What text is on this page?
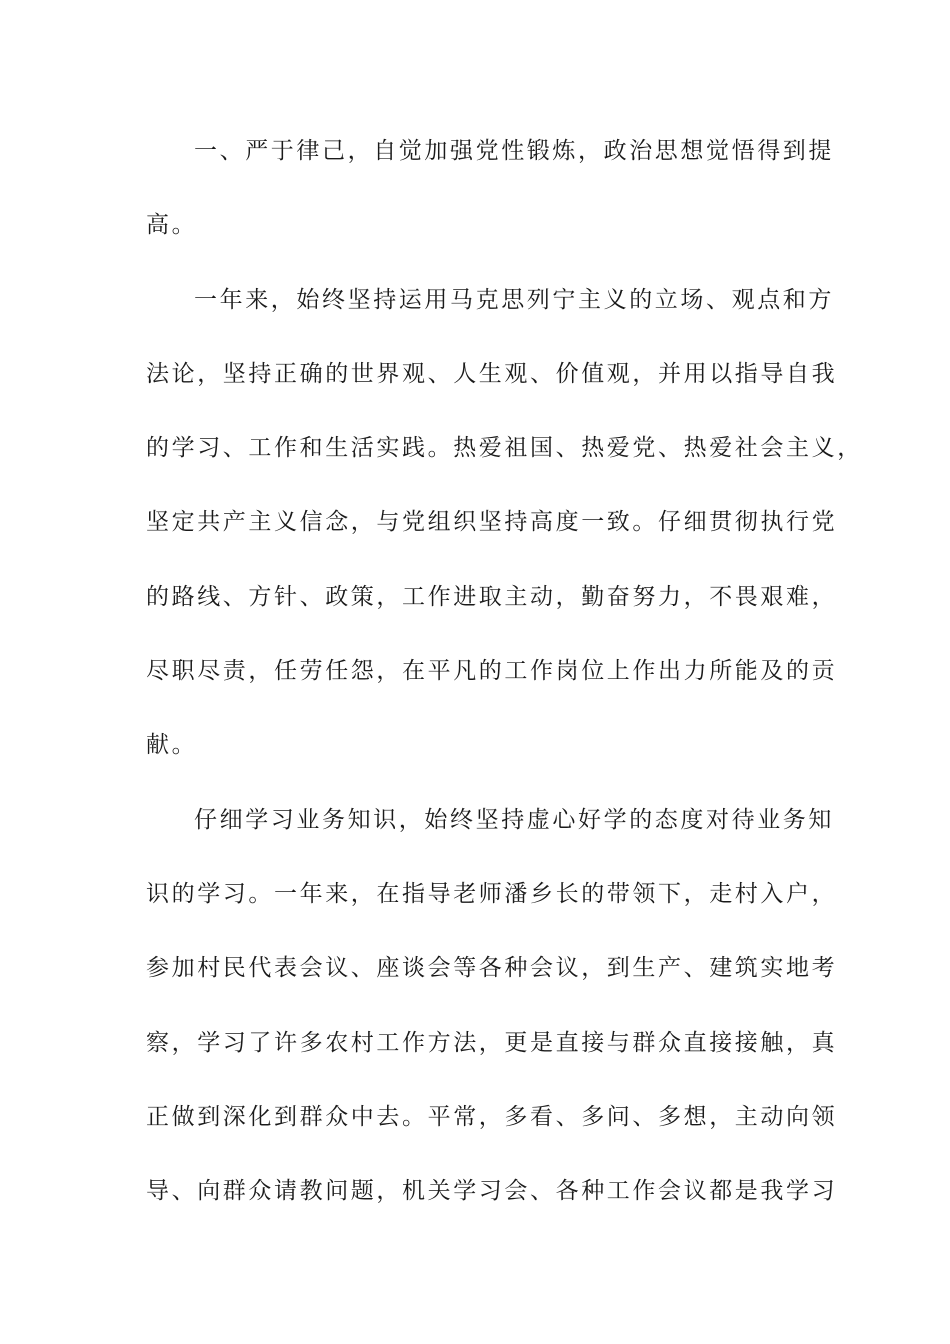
一、严于律己，自觉加强党性锻炼，政治思想觉悟得到提
高。
一年来，始终坚持运用马克思列宁主义的立场、观点和方
法论，坚持正确的世界观、人生观、价值观，并用以指导自我
的学习、工作和生活实践。热爱祖国、热爱党、热爱社会主义，
坚定共产主义信念，与党组织坚持高度一致。仔细贯彻执行党
的路线、方针、政策，工作进取主动，勤奋努力，不畏艰难，
尽职尽责，任劳任怨，在平凡的工作岗位上作出力所能及的贡
献。
仔细学习业务知识，始终坚持虚心好学的态度对待业务知
识的学习。一年来，在指导老师潘乡长的带领下，走村入户，
参加村民代表会议、座谈会等各种会议，到生产、建筑实地考
察，学习了许多农村工作方法，更是直接与群众直接接触，真
正做到深化到群众中去。平常，多看、多问、多想，主动向领
导、向群众请教问题，机关学习会、各种工作会议都是我学习
